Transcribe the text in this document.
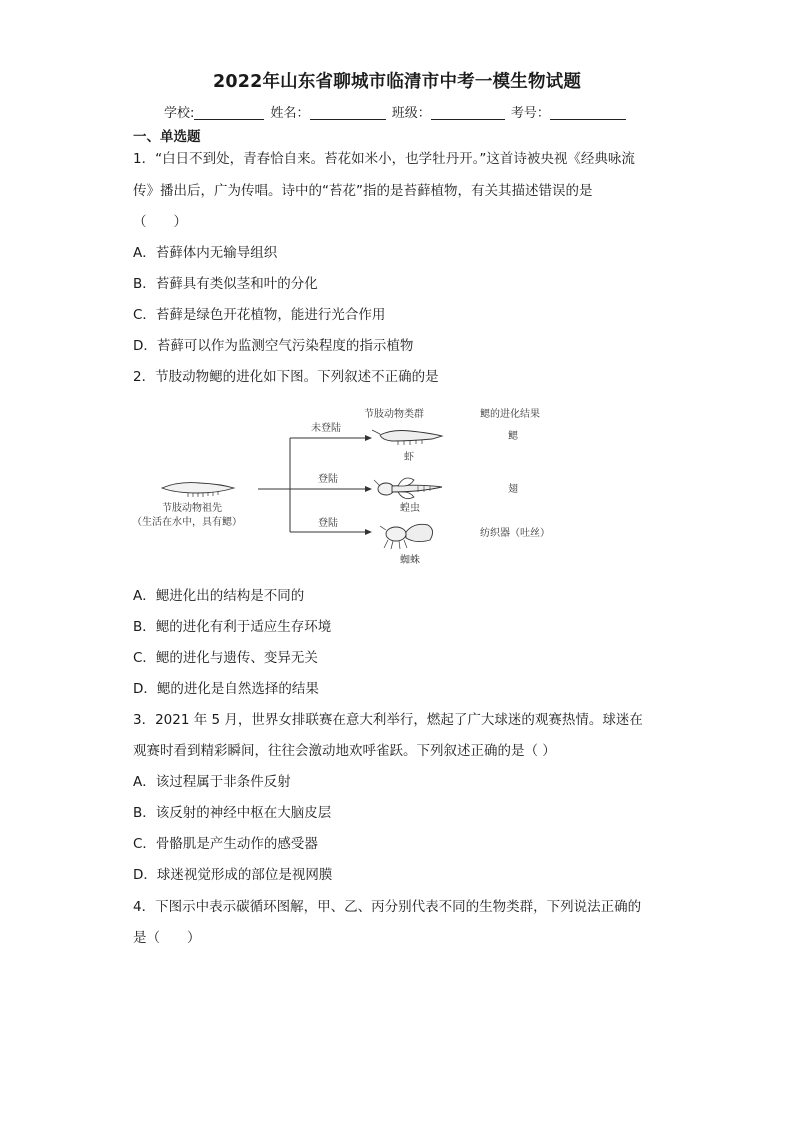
2022年山东省聊城市临清市中考一模生物试题
学校:	姓名：	班级：	考号：
一、单选题
1．“白日不到处，青春恰自来。苔花如米小，也学牡丹开。”这首诗被央视《经典咏流
传》播出后，广为传唱。诗中的“苔花”指的是苔藓植物，有关其描述错误的是
（　　）
A．苔藓体内无输导组织
B．苔藓具有类似茎和叶的分化
C．苔藓是绿色开花植物，能进行光合作用
D．苔藓可以作为监测空气污染程度的指示植物
2．节肢动物鳃的进化如下图。下列叙述不正确的是
节肢动物类群	鳃的进化结果
节肢动物祖先
（生活在水中，具有鳃）
未登陆
登陆
登陆
虾
鳃
蝗虫
翅
蜘蛛
纺织器（吐丝）
A．鳃进化出的结构是不同的
B．鳃的进化有利于适应生存环境
C．鳃的进化与遗传、变异无关
D．鳃的进化是自然选择的结果
3．2021 年 5 月，世界女排联赛在意大利举行，燃起了广大球迷的观赛热情。球迷在
观赛时看到精彩瞬间，往往会激动地欢呼雀跃。下列叙述正确的是（ ）
A．该过程属于非条件反射
B．该反射的神经中枢在大脑皮层
C．骨骼肌是产生动作的感受器
D．球迷视觉形成的部位是视网膜
4．下图示中表示碳循环图解，甲、乙、丙分别代表不同的生物类群，下列说法正确的
是（　　）
